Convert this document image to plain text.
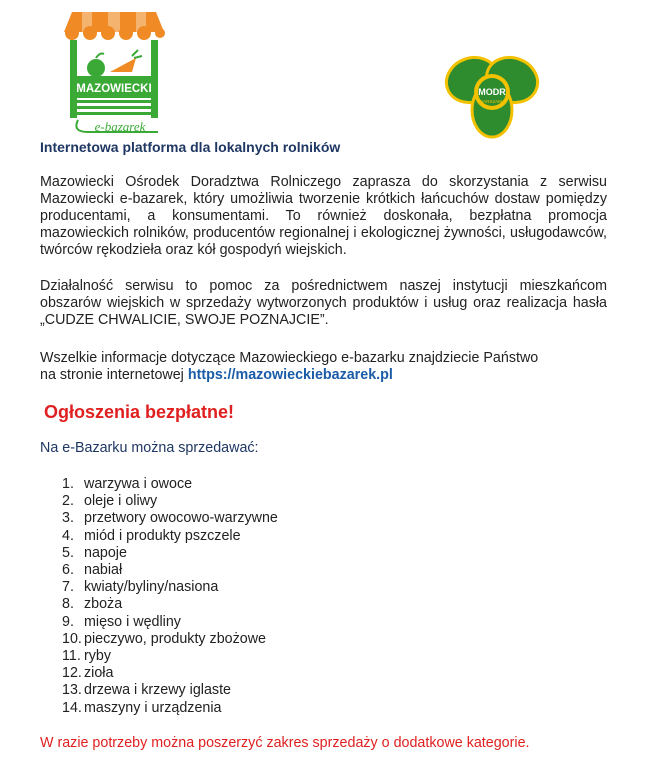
MAZOWIECKI
e-bazarek
MODR
WARSZAWA
Internetowa platforma dla lokalnych rolników
Mazowiecki Ośrodek Doradztwa Rolniczego zaprasza do skorzystania z serwisu Mazowiecki e-bazarek, który umożliwia tworzenie krótkich łańcuchów dostaw pomiędzy producentami, a konsumentami. To również doskonała, bezpłatna promocja mazowieckich rolników, producentów regionalnej i ekologicznej żywności, usługodawców, twórców rękodzieła oraz kół gospodyń wiejskich.
Działalność serwisu to pomoc za pośrednictwem naszej instytucji mieszkańcom obszarów wiejskich w sprzedaży wytworzonych produktów i usług oraz realizacja hasła „CUDZE CHWALICIE, SWOJE POZNAJCIE”.
Wszelkie informacje dotyczące Mazowieckiego e-bazarku znajdziecie Państwo
na stronie internetowej https://mazowieckiebazarek.pl
Ogłoszenia bezpłatne!
Na e-Bazarku można sprzedawać:
1. warzywa i owoce
2. oleje i oliwy
3. przetwory owocowo-warzywne
4. miód i produkty pszczele
5. napoje
6. nabiał
7. kwiaty/byliny/nasiona
8. zboża
9. mięso i wędliny
10. pieczywo, produkty zbożowe
11. ryby
12. zioła
13. drzewa i krzewy iglaste
14. maszyny i urządzenia
W razie potrzeby można poszerzyć zakres sprzedaży o dodatkowe kategorie.
